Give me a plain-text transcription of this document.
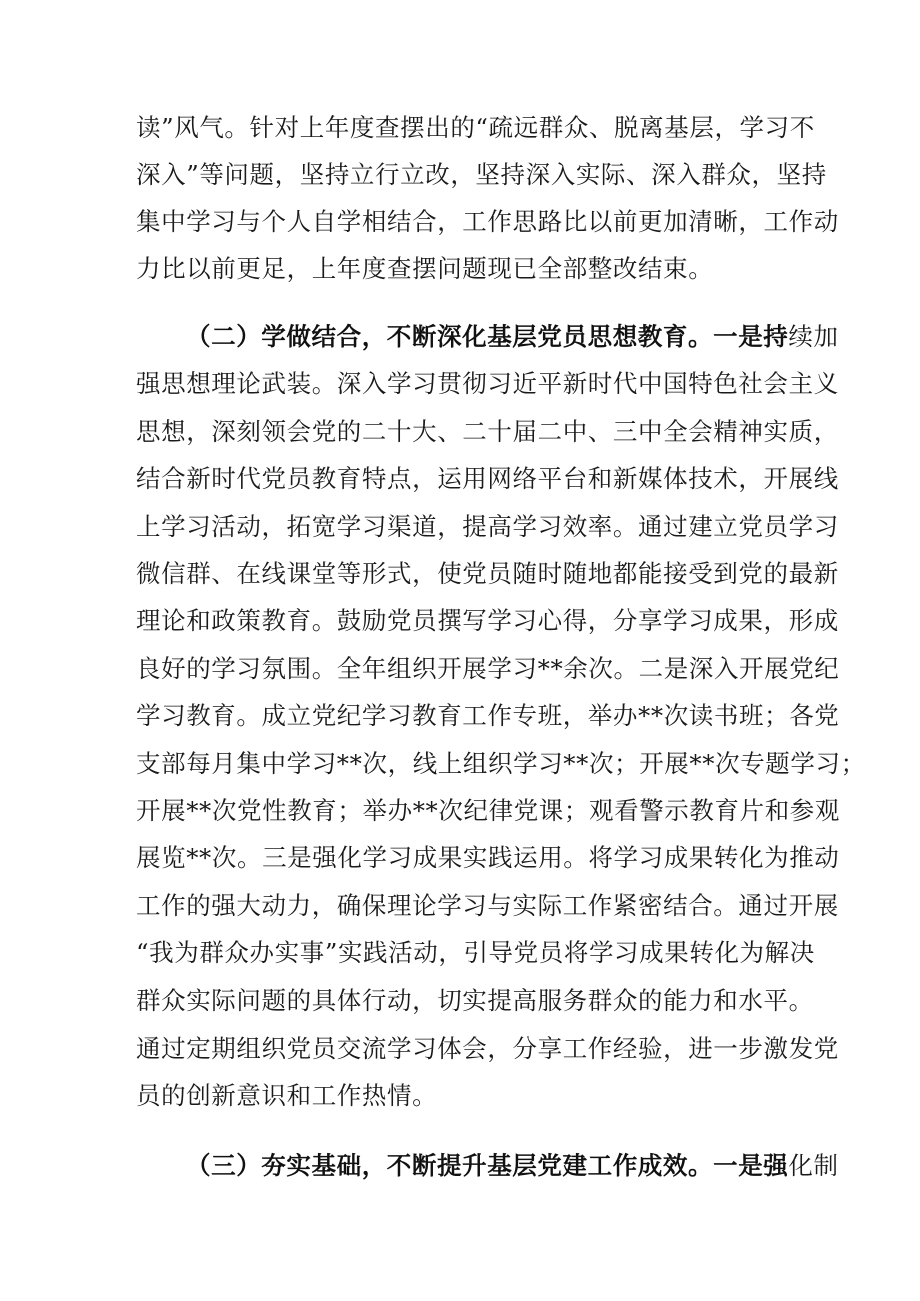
读”风气。针对上年度查摆出的“疏远群众、脱离基层，学习不
深入”等问题，坚持立行立改，坚持深入实际、深入群众，坚持
集中学习与个人自学相结合，工作思路比以前更加清晰，工作动
力比以前更足，上年度查摆问题现已全部整改结束。
（二）学做结合，不断深化基层党员思想教育。一是持续加
强思想理论武装。深入学习贯彻习近平新时代中国特色社会主义
思想，深刻领会党的二十大、二十届二中、三中全会精神实质，
结合新时代党员教育特点，运用网络平台和新媒体技术，开展线
上学习活动，拓宽学习渠道，提高学习效率。通过建立党员学习
微信群、在线课堂等形式，使党员随时随地都能接受到党的最新
理论和政策教育。鼓励党员撰写学习心得，分享学习成果，形成
良好的学习氛围。全年组织开展学习**余次。二是深入开展党纪
学习教育。成立党纪学习教育工作专班，举办**次读书班；各党
支部每月集中学习**次，线上组织学习**次；开展**次专题学习；
开展**次党性教育；举办**次纪律党课；观看警示教育片和参观
展览**次。三是强化学习成果实践运用。将学习成果转化为推动
工作的强大动力，确保理论学习与实际工作紧密结合。通过开展
“我为群众办实事”实践活动，引导党员将学习成果转化为解决
群众实际问题的具体行动，切实提高服务群众的能力和水平。
通过定期组织党员交流学习体会，分享工作经验，进一步激发党
员的创新意识和工作热情。
（三）夯实基础，不断提升基层党建工作成效。一是强化制
